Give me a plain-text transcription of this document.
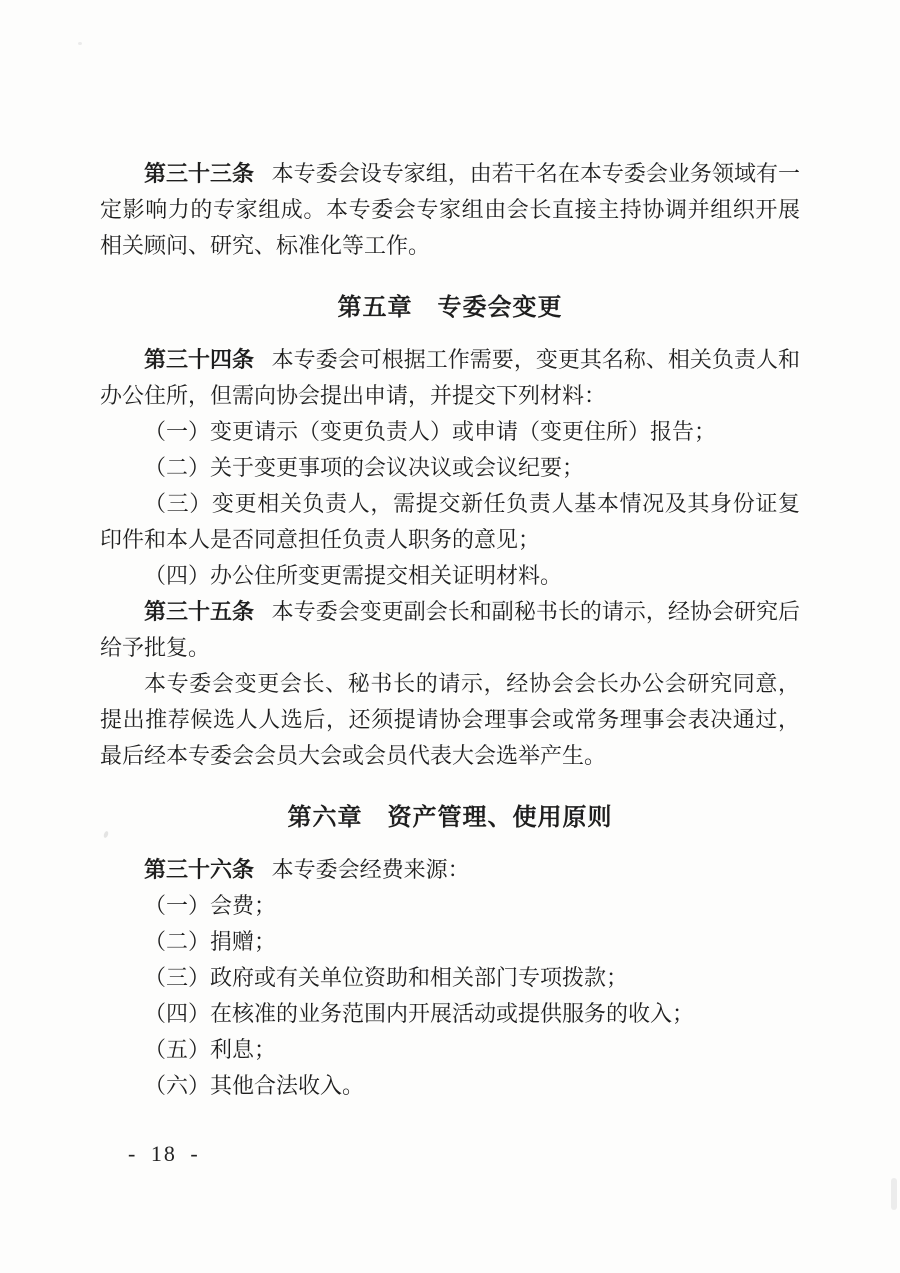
第三十三条 本专委会设专家组，由若干名在本专委会业务领域有一定影响力的专家组成。本专委会专家组由会长直接主持协调并组织开展相关顾问、研究、标准化等工作。

第五章　专委会变更

第三十四条 本专委会可根据工作需要，变更其名称、相关负责人和办公住所，但需向协会提出申请，并提交下列材料：

（一）变更请示（变更负责人）或申请（变更住所）报告；

（二）关于变更事项的会议决议或会议纪要；

（三）变更相关负责人，需提交新任负责人基本情况及其身份证复印件和本人是否同意担任负责人职务的意见；

（四）办公住所变更需提交相关证明材料。

第三十五条 本专委会变更副会长和副秘书长的请示，经协会研究后给予批复。

本专委会变更会长、秘书长的请示，经协会会长办公会研究同意，提出推荐候选人人选后，还须提请协会理事会或常务理事会表决通过，最后经本专委会会员大会或会员代表大会选举产生。

第六章　资产管理、使用原则

第三十六条 本专委会经费来源：

（一）会费；

（二）捐赠；

（三）政府或有关单位资助和相关部门专项拨款；

（四）在核准的业务范围内开展活动或提供服务的收入；

（五）利息；

（六）其他合法收入。

- 18 -
